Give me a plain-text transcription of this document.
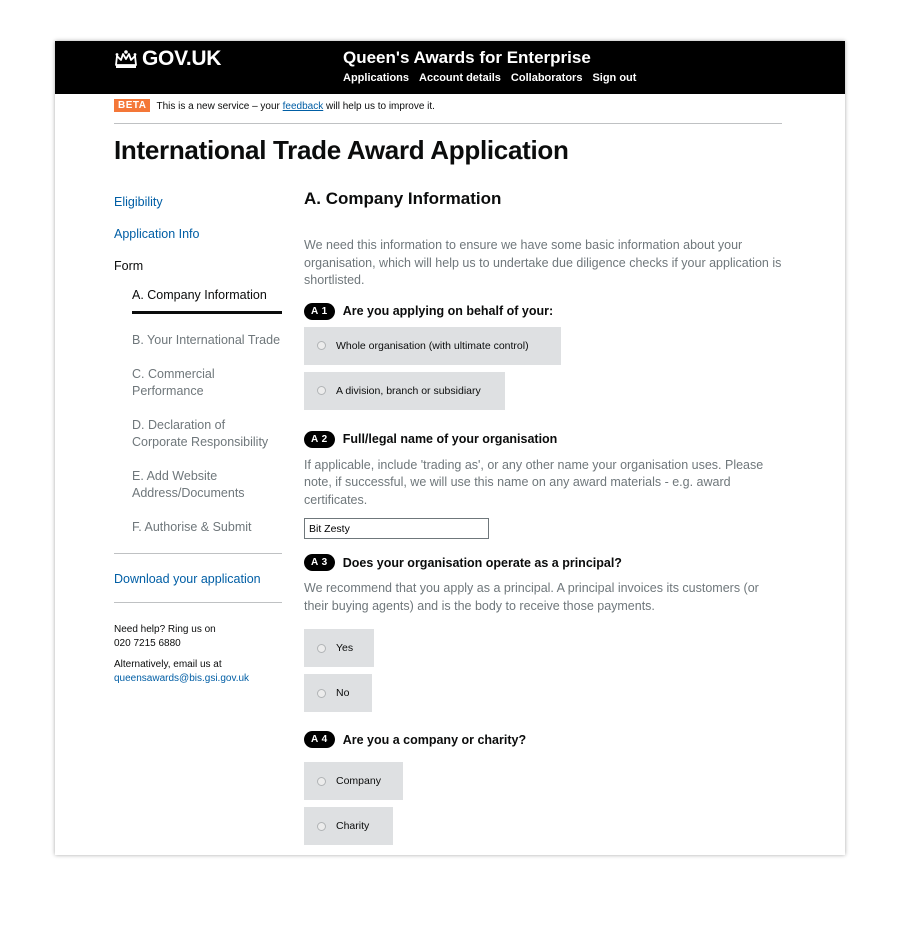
GOV.UK	Queen's Awards for Enterprise
Applications Account details Collaborators Sign out
BETA	This is a new service – your feedback will help us to improve it.
International Trade Award Application
Eligibility
Application Info
Form
A. Company Information
B. Your International Trade
C. Commercial Performance
D. Declaration of Corporate Responsibility
E. Add Website Address/Documents
F. Authorise & Submit
Download your application
Need help? Ring us on
020 7215 6880
Alternatively, email us at
queensawards@bis.gsi.gov.uk
A. Company Information

We need this information to ensure we have some basic information about your organisation, which will help us to undertake due diligence checks if your application is shortlisted.

A 1	Are you applying on behalf of your:
Whole organisation (with ultimate control)
A division, branch or subsidiary
A 2	Full/legal name of your organisation

If applicable, include 'trading as', or any other name your organisation uses. Please note, if successful, we will use this name on any award materials - e.g. award certificates.

Bit Zesty
A 3	Does your organisation operate as a principal?

We recommend that you apply as a principal. A principal invoices its customers (or their buying agents) and is the body to receive those payments.

Yes
No
A 4	Are you a company or charity?
Company
Charity
